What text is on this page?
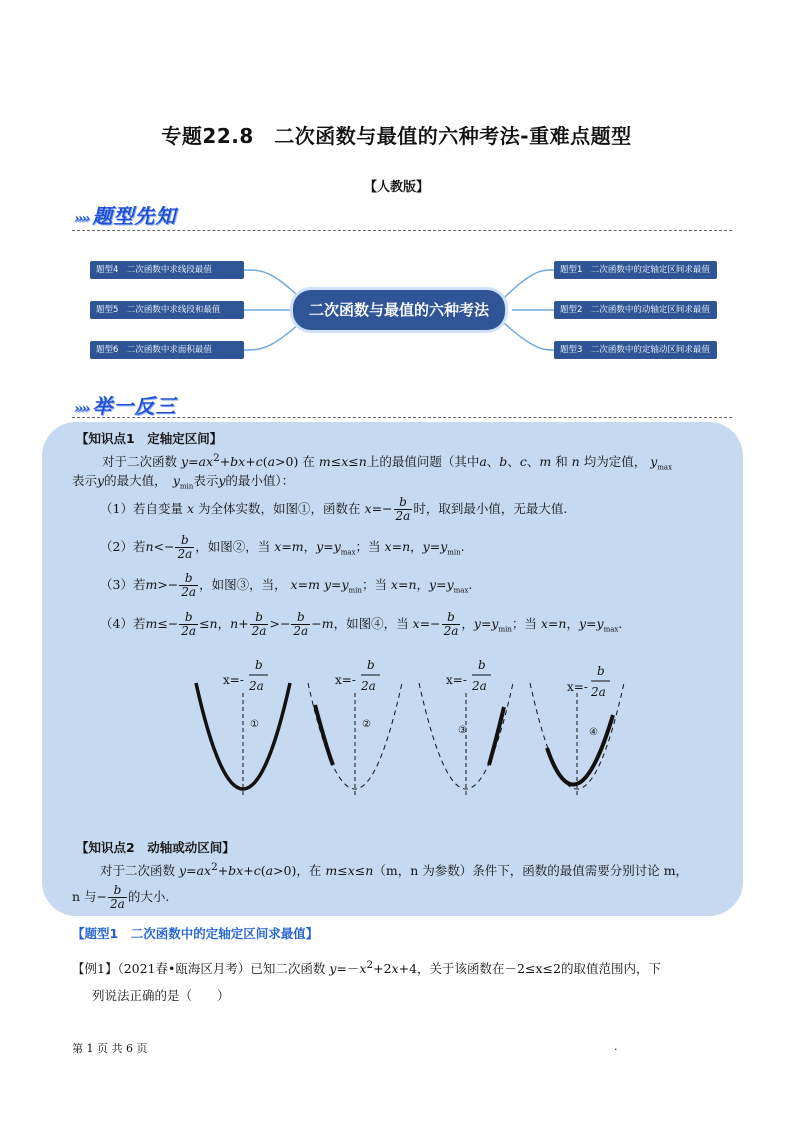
专题22.8　二次函数与最值的六种考法-重难点题型
【人教版】
›››› 题型先知
题型4　二次函数中求线段最值
题型5　二次函数中求线段和最值
题型6　二次函数中求面积最值
二次函数与最值的六种考法
题型1　二次函数中的定轴定区间求最值
题型2　二次函数中的动轴定区间求最值
题型3　二次函数中的定轴动区间求最值
›››› 举一反三
【知识点1　定轴定区间】
对于二次函数 $y=ax^2+bx+c(a>0)$ 在 m≤x≤n上的最值问题（其中a、b、c、m 和 n 均为定值， $y_{max}$
表示y的最大值，　 $y_{min}$表示y的最小值）：
（1）若自变量 x 为全体实数，如图①，函数在 $x=- \frac{b}{2a}$ 时，取到最小值，无最大值.
（2）若$n<- \frac{b}{2a}$ ，如图②，当 x=m，$y=y_{max}$；当 x=n，$y=y_{min}$.
（3）若$m>- \frac{b}{2a}$ ，如图③，当， x=m $y=y_{min}$；当 x=n，$y=y_{max}$.
（4）若$m\le- \frac{b}{2a} \le n$，$n+ \frac{b}{2a} >- \frac{b}{2a} -m$，如图④，当 $x=- \frac{b}{2a}$ ，$y=y_{min}$；当 x=n，$y=y_{max}$.
x=-
b
2a
①
x=-
b
2a
②
x=-
b
2a
③
x=-
b
2a
④
【知识点2　动轴或动区间】
对于二次函数 $y=ax^2+bx+c(a>0)$，在 m≤x≤n（m，n 为参数）条件下，函数的最值需要分别讨论 m，
n 与− $\frac{b}{2a}$ 的大小.
【题型1　二次函数中的定轴定区间求最值】
【例1】（2021春•瓯海区月考）已知二次函数 $y=-x^2+2x+4$，关于该函数在－2≤x≤2的取值范围内，下
列说法正确的是（　　）
第 1 页 共 6 页	.
